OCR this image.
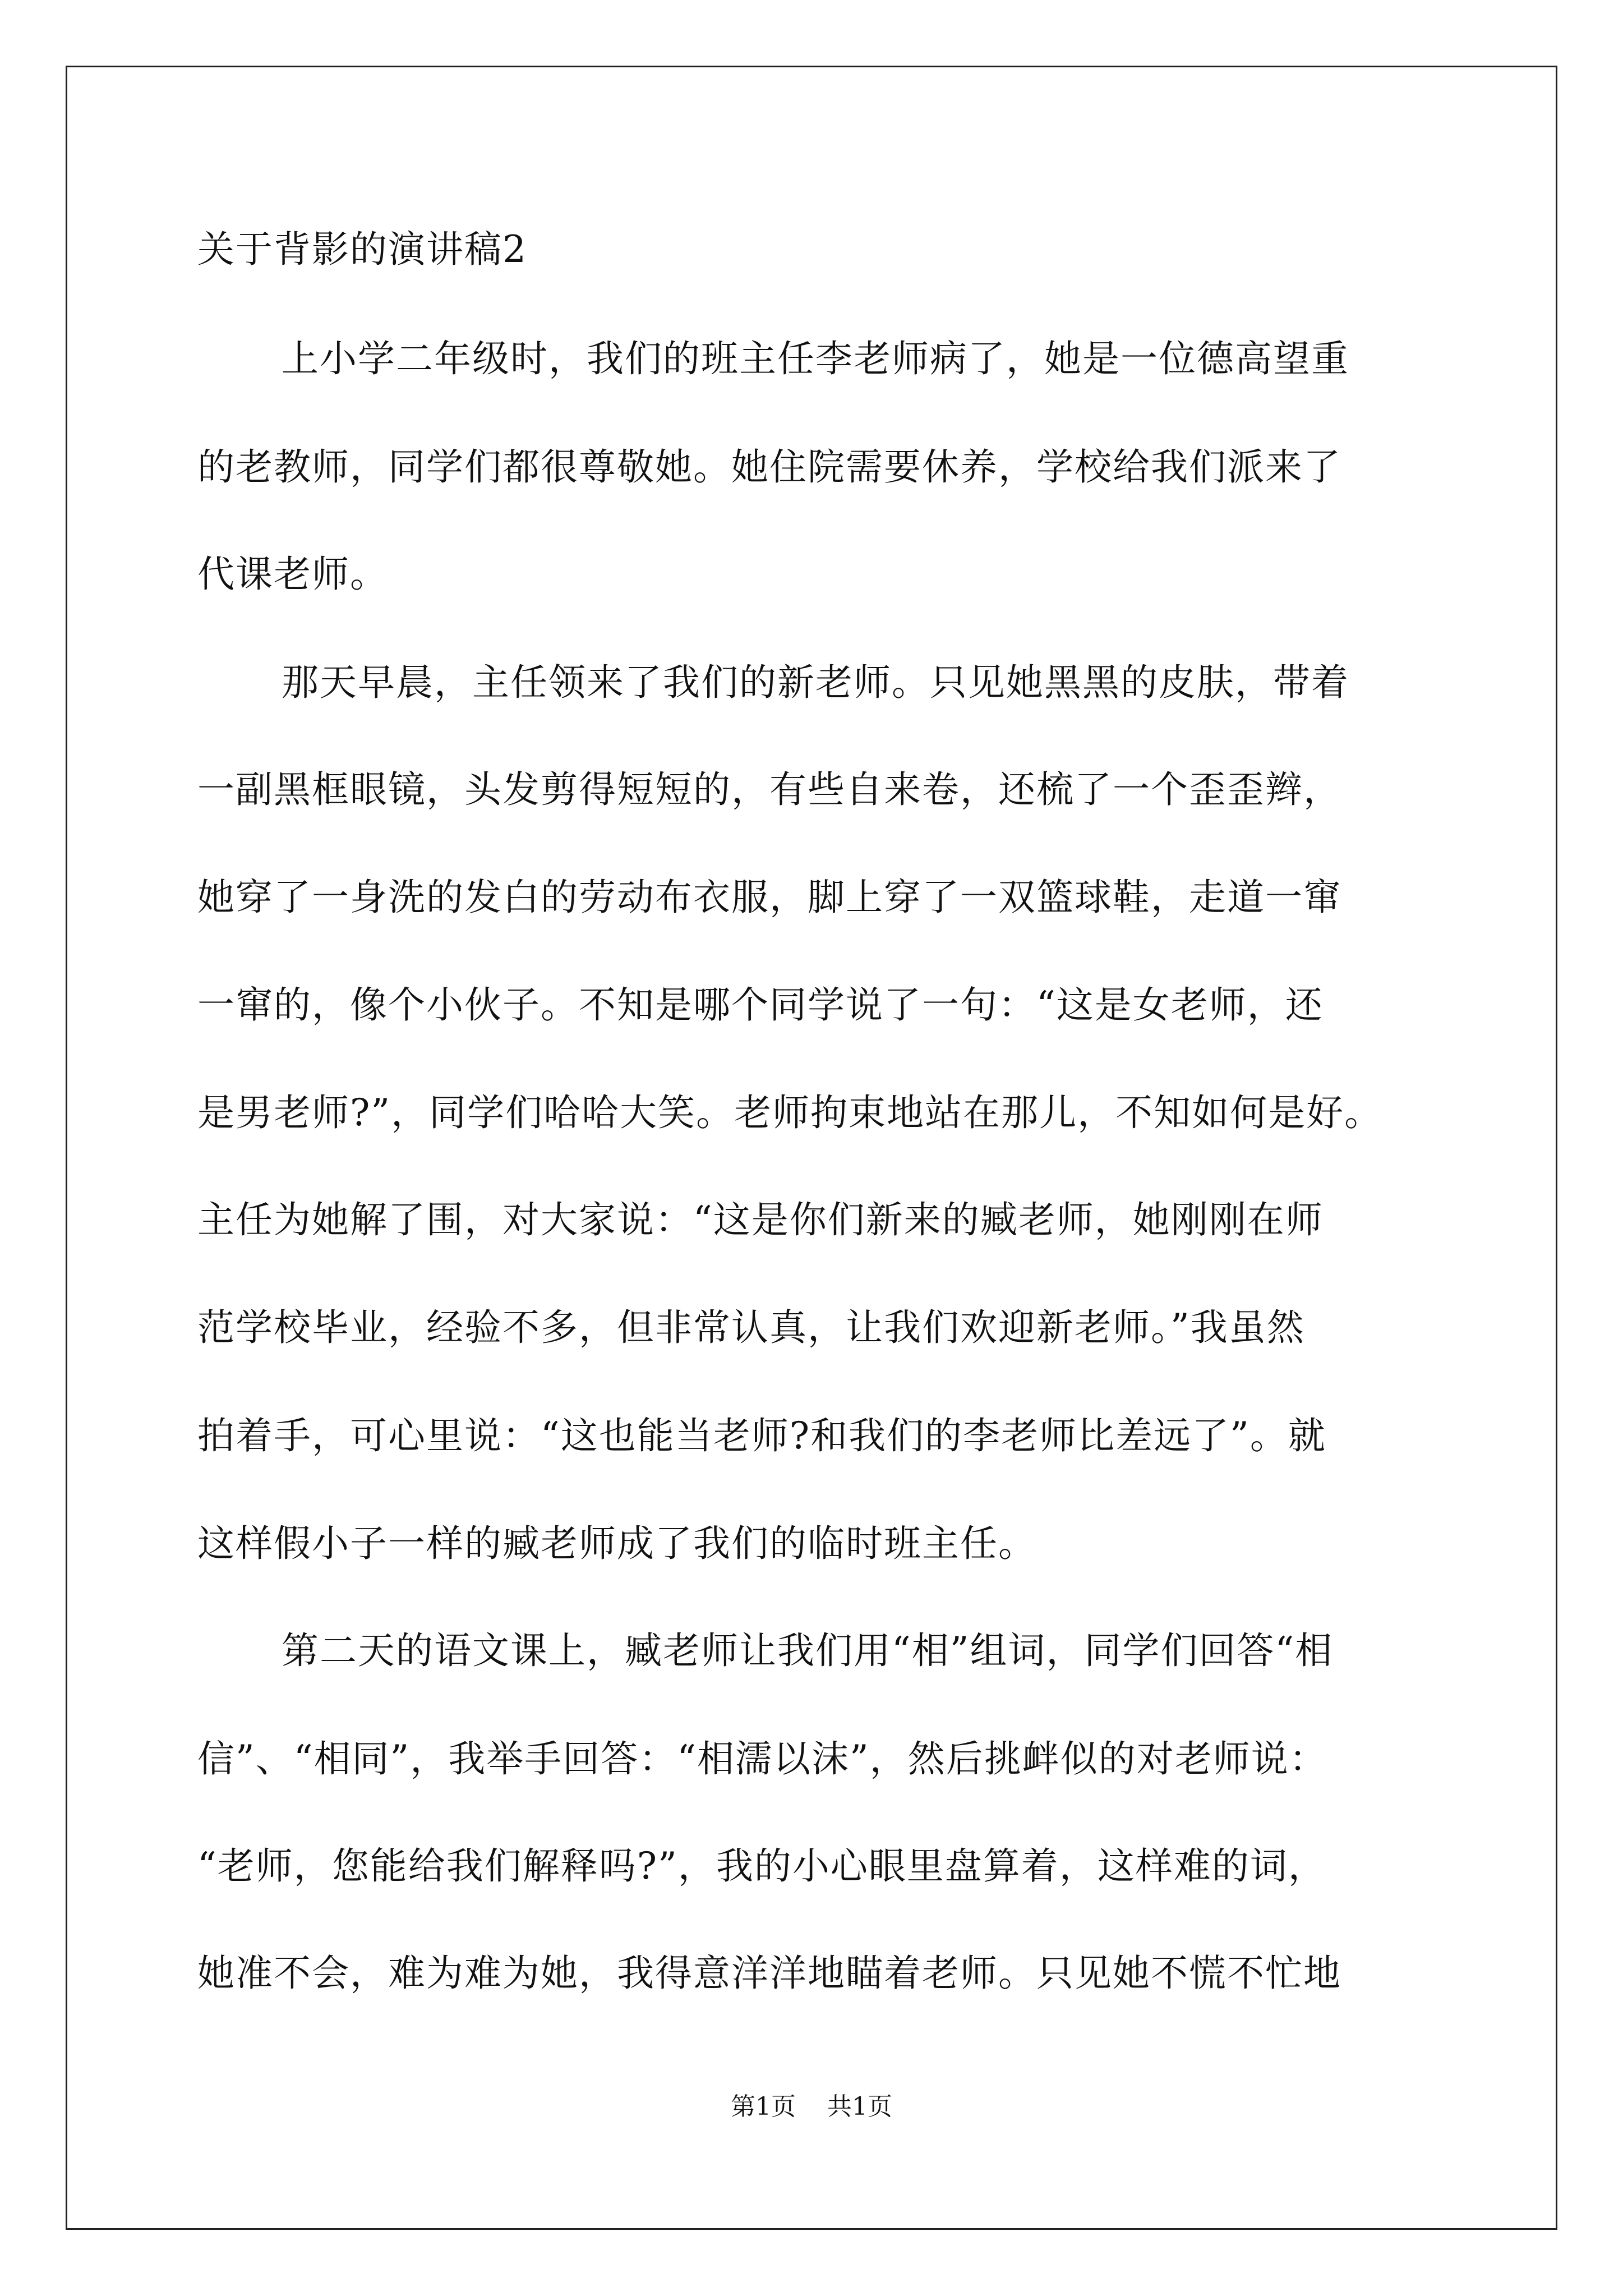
关于背影的演讲稿2

上小学二年级时，我们的班主任李老师病了，她是一位德高望重

的老教师，同学们都很尊敬她。她住院需要休养，学校给我们派来了

代课老师。

那天早晨，主任领来了我们的新老师。只见她黑黑的皮肤，带着

一副黑框眼镜，头发剪得短短的，有些自来卷，还梳了一个歪歪辫，

她穿了一身洗的发白的劳动布衣服，脚上穿了一双篮球鞋，走道一窜

一窜的，像个小伙子。不知是哪个同学说了一句：“这是女老师，还

是男老师?”，同学们哈哈大笑。老师拘束地站在那儿，不知如何是好。

主任为她解了围，对大家说：“这是你们新来的臧老师，她刚刚在师

范学校毕业，经验不多，但非常认真，让我们欢迎新老师。”我虽然

拍着手，可心里说：“这也能当老师?和我们的李老师比差远了”。就

这样假小子一样的臧老师成了我们的临时班主任。

第二天的语文课上，臧老师让我们用“相”组词，同学们回答“相

信”、“相同”，我举手回答：“相濡以沫”，然后挑衅似的对老师说：

“老师，您能给我们解释吗?”，我的小心眼里盘算着，这样难的词，

她准不会，难为难为她，我得意洋洋地瞄着老师。只见她不慌不忙地

第1页 共1页
